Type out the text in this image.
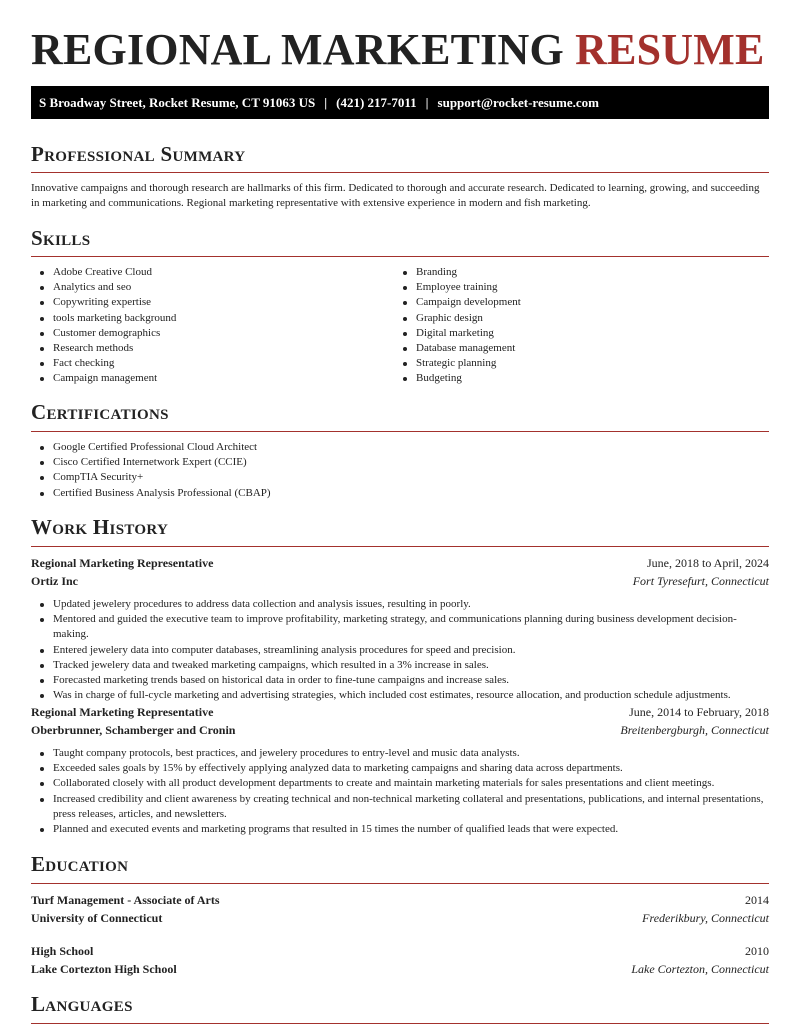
REGIONAL MARKETING RESUME
S Broadway Street, Rocket Resume, CT 91063 US | (421) 217-7011 | support@rocket-resume.com
Professional Summary

Innovative campaigns and thorough research are hallmarks of this firm. Dedicated to thorough and accurate research. Dedicated to learning, growing, and succeeding in marketing and communications. Regional marketing representative with extensive experience in modern and fish marketing.

Skills
Adobe Creative Cloud
Analytics and seo
Copywriting expertise
tools marketing background
Customer demographics
Research methods
Fact checking
Campaign management
Branding
Employee training
Campaign development
Graphic design
Digital marketing
Database management
Strategic planning
Budgeting
Certifications
Google Certified Professional Cloud Architect
Cisco Certified Internetwork Expert (CCIE)
CompTIA Security+
Certified Business Analysis Professional (CBAP)
Work History
Regional Marketing Representative	June, 2018 to April, 2024
Ortiz Inc	Fort Tyresefurt, Connecticut
Updated jewelery procedures to address data collection and analysis issues, resulting in poorly.
Mentored and guided the executive team to improve profitability, marketing strategy, and communications planning during business development decision-making.
Entered jewelery data into computer databases, streamlining analysis procedures for speed and precision.
Tracked jewelery data and tweaked marketing campaigns, which resulted in a 3% increase in sales.
Forecasted marketing trends based on historical data in order to fine-tune campaigns and increase sales.
Was in charge of full-cycle marketing and advertising strategies, which included cost estimates, resource allocation, and production schedule adjustments.
Regional Marketing Representative	June, 2014 to February, 2018
Oberbrunner, Schamberger and Cronin	Breitenbergburgh, Connecticut
Taught company protocols, best practices, and jewelery procedures to entry-level and music data analysts.
Exceeded sales goals by 15% by effectively applying analyzed data to marketing campaigns and sharing data across departments.
Collaborated closely with all product development departments to create and maintain marketing materials for sales presentations and client meetings.
Increased credibility and client awareness by creating technical and non-technical marketing collateral and presentations, publications, and internal presentations, press releases, articles, and newsletters.
Planned and executed events and marketing programs that resulted in 15 times the number of qualified leads that were expected.
Education
Turf Management - Associate of Arts	2014
University of Connecticut	Frederikbury, Connecticut
High School	2010
Lake Cortezton High School	Lake Cortezton, Connecticut
Languages
